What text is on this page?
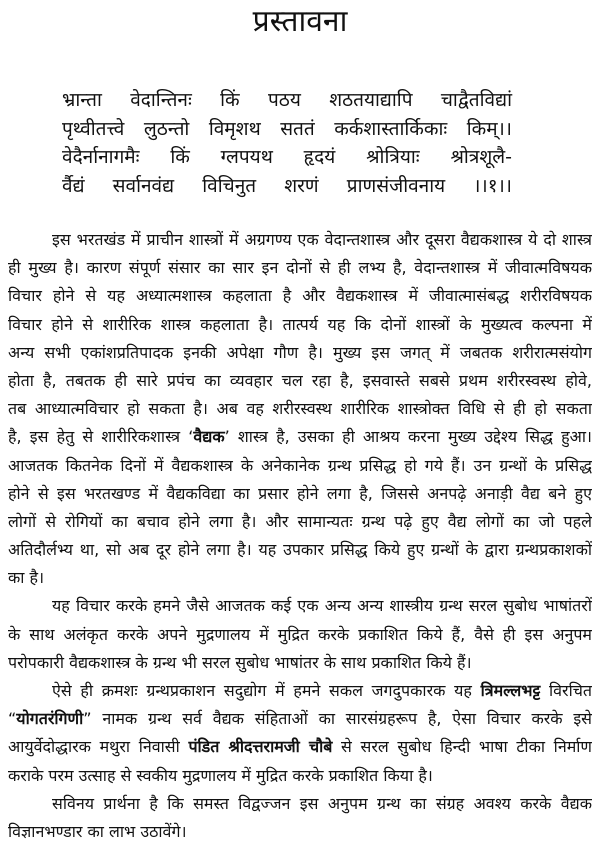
प्रस्तावना
भ्रान्ता वेदान्तिनः किं पठय शठतयाद्यापि चाद्वैतविद्यां
पृथ्वीतत्त्वे लुठन्तो विमृशथ सततं कर्कशास्तार्किकाः किम्।।
वेदैर्नानागमैः किं ग्लपयथ हृदयं श्रोत्रियाः श्रोत्रशूलै-
र्वैद्यं सर्वानवंद्य विचिनुत शरणं प्राणसंजीवनाय ।।१।।
इस भरतखंड में प्राचीन शास्त्रों में अग्रगण्य एक वेदान्तशास्त्र और दूसरा वैद्यकशास्त्र ये दो शास्त्र
ही मुख्य है। कारण संपूर्ण संसार का सार इन दोनों से ही लभ्य है, वेदान्तशास्त्र में जीवात्मविषयक
विचार होने से यह अध्यात्मशास्त्र कहलाता है और वैद्यकशास्त्र में जीवात्मासंबद्ध शरीरविषयक
विचार होने से शारीरिक शास्त्र कहलाता है। तात्पर्य यह कि दोनों शास्त्रों के मुख्यत्व कल्पना में
अन्य सभी एकांशप्रतिपादक इनकी अपेक्षा गौण है। मुख्य इस जगत् में जबतक शरीरात्मसंयोग
होता है, तबतक ही सारे प्रपंच का व्यवहार चल रहा है, इसवास्ते सबसे प्रथम शरीरस्वस्थ होवे,
तब आध्यात्मविचार हो सकता है। अब वह शरीरस्वस्थ शारीरिक शास्त्रोक्त विधि से ही हो सकता
है, इस हेतु से शारीरिकशास्त्र ‘वैद्यक’ शास्त्र है, उसका ही आश्रय करना मुख्य उद्देश्य सिद्ध हुआ।
आजतक कितनेक दिनों में वैद्यकशास्त्र के अनेकानेक ग्रन्थ प्रसिद्ध हो गये हैं। उन ग्रन्थों के प्रसिद्ध
होने से इस भरतखण्ड में वैद्यकविद्या का प्रसार होने लगा है, जिससे अनपढ़े अनाड़ी वैद्य बने हुए
लोगों से रोगियों का बचाव होने लगा है। और सामान्यतः ग्रन्थ पढ़े हुए वैद्य लोगों का जो पहले
अतिदौर्लभ्य था, सो अब दूर होने लगा है। यह उपकार प्रसिद्ध किये हुए ग्रन्थों के द्वारा ग्रन्थप्रकाशकों
का है।
यह विचार करके हमने जैसे आजतक कई एक अन्य अन्य शास्त्रीय ग्रन्थ सरल सुबोध भाषांतरों
के साथ अलंकृत करके अपने मुद्रणालय में मुद्रित करके प्रकाशित किये हैं, वैसे ही इस अनुपम
परोपकारी वैद्यकशास्त्र के ग्रन्थ भी सरल सुबोध भाषांतर के साथ प्रकाशित किये हैं।
ऐसे ही क्रमशः ग्रन्थप्रकाशन सदुद्योग में हमने सकल जगदुपकारक यह त्रिमल्लभट्ट विरचित
“योगतरंगिणी” नामक ग्रन्थ सर्व वैद्यक संहिताओं का सारसंग्रहरूप है, ऐसा विचार करके इसे
आयुर्वेदोद्धारक मथुरा निवासी पंडित श्रीदत्तरामजी चौबे से सरल सुबोध हिन्दी भाषा टीका निर्माण
कराके परम उत्साह से स्वकीय मुद्रणालय में मुद्रित करके प्रकाशित किया है।
सविनय प्रार्थना है कि समस्त विद्वज्जन इस अनुपम ग्रन्थ का संग्रह अवश्य करके वैद्यक
विज्ञानभण्डार का लाभ उठावेंगे।
